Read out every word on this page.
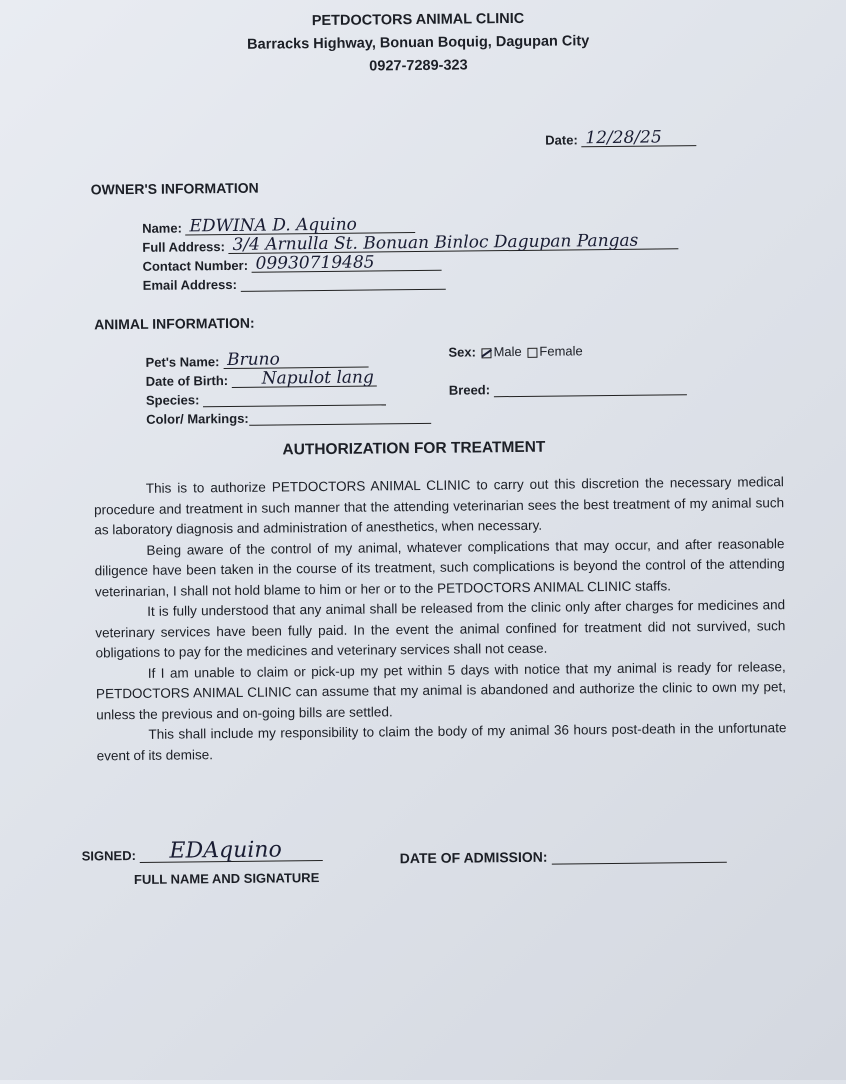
PETDOCTORS ANIMAL CLINIC
Barracks Highway, Bonuan Boquig, Dagupan City
0927-7289-323
Date: 12/28/25
OWNER'S INFORMATION
Name: EDWINA D. Aquino
Full Address: 3/4 Arnulla St. Bonuan Binloc Dagupan Pangas
Contact Number: 09930719485
Email Address:
ANIMAL INFORMATION:
Pet's Name: Bruno
Date of Birth: Napulot lang
Species:
Color/ Markings:
Sex: Male Female
Breed:
AUTHORIZATION FOR TREATMENT

This is to authorize PETDOCTORS ANIMAL CLINIC to carry out this discretion the necessary medical procedure and treatment in such manner that the attending veterinarian sees the best treatment of my animal such as laboratory diagnosis and administration of anesthetics, when necessary.

Being aware of the control of my animal, whatever complications that may occur, and after reasonable diligence have been taken in the course of its treatment, such complications is beyond the control of the attending veterinarian, I shall not hold blame to him or her or to the PETDOCTORS ANIMAL CLINIC staffs.

It is fully understood that any animal shall be released from the clinic only after charges for medicines and veterinary services have been fully paid. In the event the animal confined for treatment did not survived, such obligations to pay for the medicines and veterinary services shall not cease.

If I am unable to claim or pick-up my pet within 5 days with notice that my animal is ready for release, PETDOCTORS ANIMAL CLINIC can assume that my animal is abandoned and authorize the clinic to own my pet, unless the previous and on-going bills are settled.

This shall include my responsibility to claim the body of my animal 36 hours post-death in the unfortunate event of its demise.

SIGNED: EDAquino
FULL NAME AND SIGNATURE
DATE OF ADMISSION:
